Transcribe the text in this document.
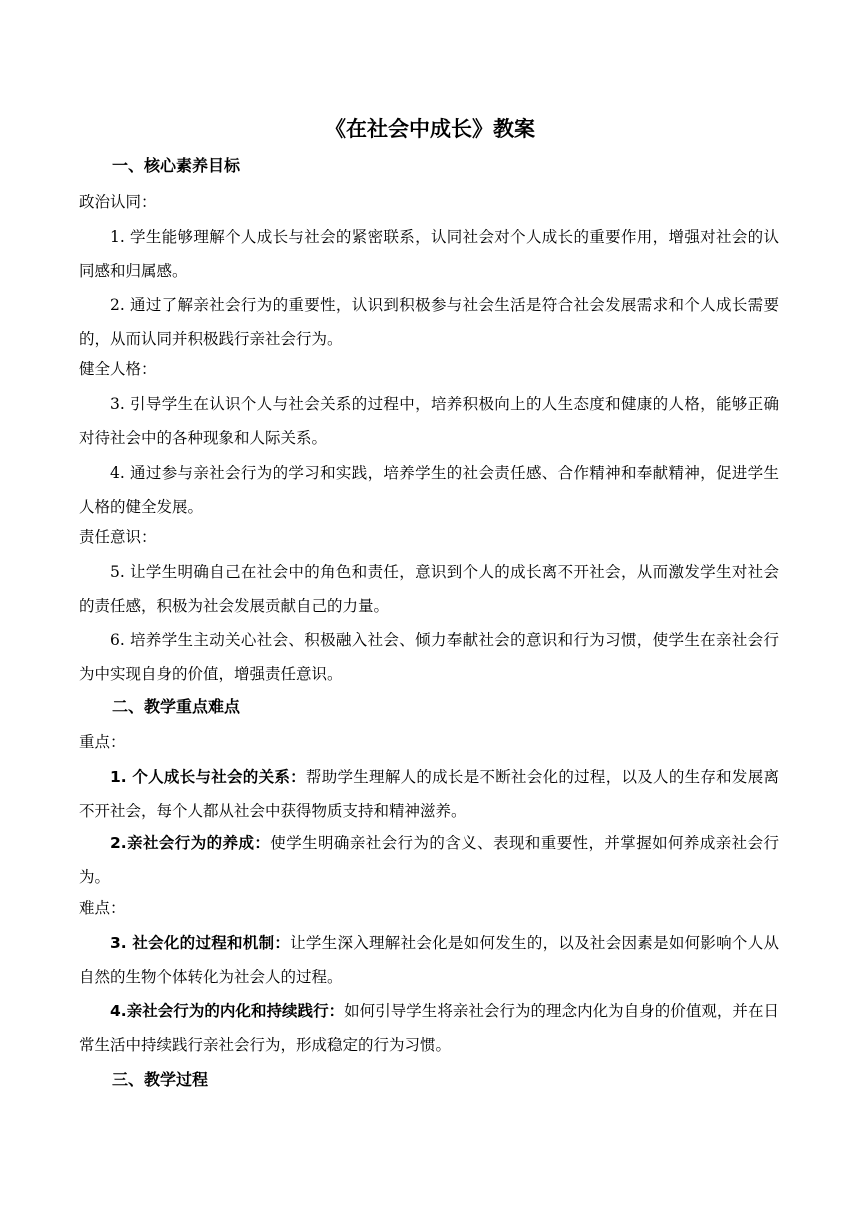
《在社会中成长》教案
一、核心素养目标
政治认同：
1. 学生能够理解个人成长与社会的紧密联系，认同社会对个人成长的重要作用，增强对社会的认同感和归属感。
2. 通过了解亲社会行为的重要性，认识到积极参与社会生活是符合社会发展需求和个人成长需要的，从而认同并积极践行亲社会行为。
健全人格：
3. 引导学生在认识个人与社会关系的过程中，培养积极向上的人生态度和健康的人格，能够正确对待社会中的各种现象和人际关系。
4. 通过参与亲社会行为的学习和实践，培养学生的社会责任感、合作精神和奉献精神，促进学生人格的健全发展。
责任意识：
5. 让学生明确自己在社会中的角色和责任，意识到个人的成长离不开社会，从而激发学生对社会的责任感，积极为社会发展贡献自己的力量。
6. 培养学生主动关心社会、积极融入社会、倾力奉献社会的意识和行为习惯，使学生在亲社会行为中实现自身的价值，增强责任意识。
二、教学重点难点
重点：
1. 个人成长与社会的关系：帮助学生理解人的成长是不断社会化的过程，以及人的生存和发展离不开社会，每个人都从社会中获得物质支持和精神滋养。
2.亲社会行为的养成：使学生明确亲社会行为的含义、表现和重要性，并掌握如何养成亲社会行为。
难点：
3. 社会化的过程和机制：让学生深入理解社会化是如何发生的，以及社会因素是如何影响个人从自然的生物个体转化为社会人的过程。
4.亲社会行为的内化和持续践行：如何引导学生将亲社会行为的理念内化为自身的价值观，并在日常生活中持续践行亲社会行为，形成稳定的行为习惯。
三、教学过程
